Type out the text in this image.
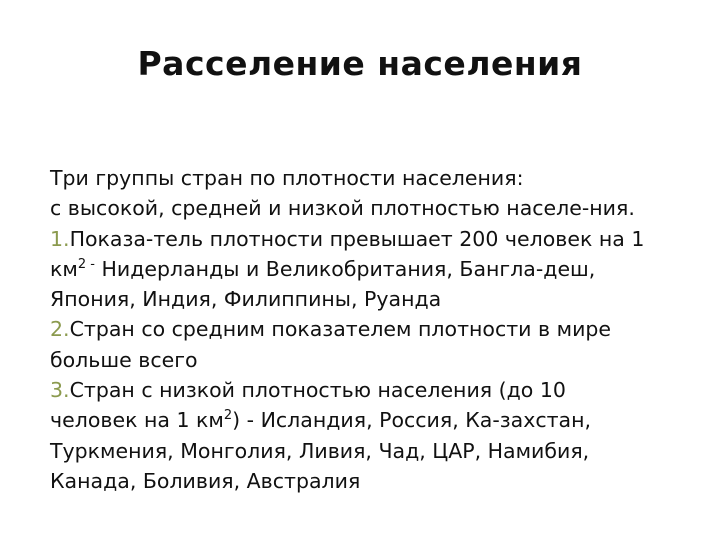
Расселение населения
Три группы стран по плотности населения:
с высокой, средней и низкой плотностью населе-ния.
1.Показа-тель плотности превышает 200 человек на 1
$км^{2 -}$ Нидерланды и Великобритания, Бангла-деш,
Япония, Индия, Филиппины, Руанда
2.Стран со средним показателем плотности в мире
больше всего
3.Стран с низкой плотностью населения (до 10
человек на 1 $км^2$) - Исландия, Россия, Ка-захстан,
Туркмения, Монголия, Ливия, Чад, ЦАР, Намибия,
Канада, Боливия, Австралия
